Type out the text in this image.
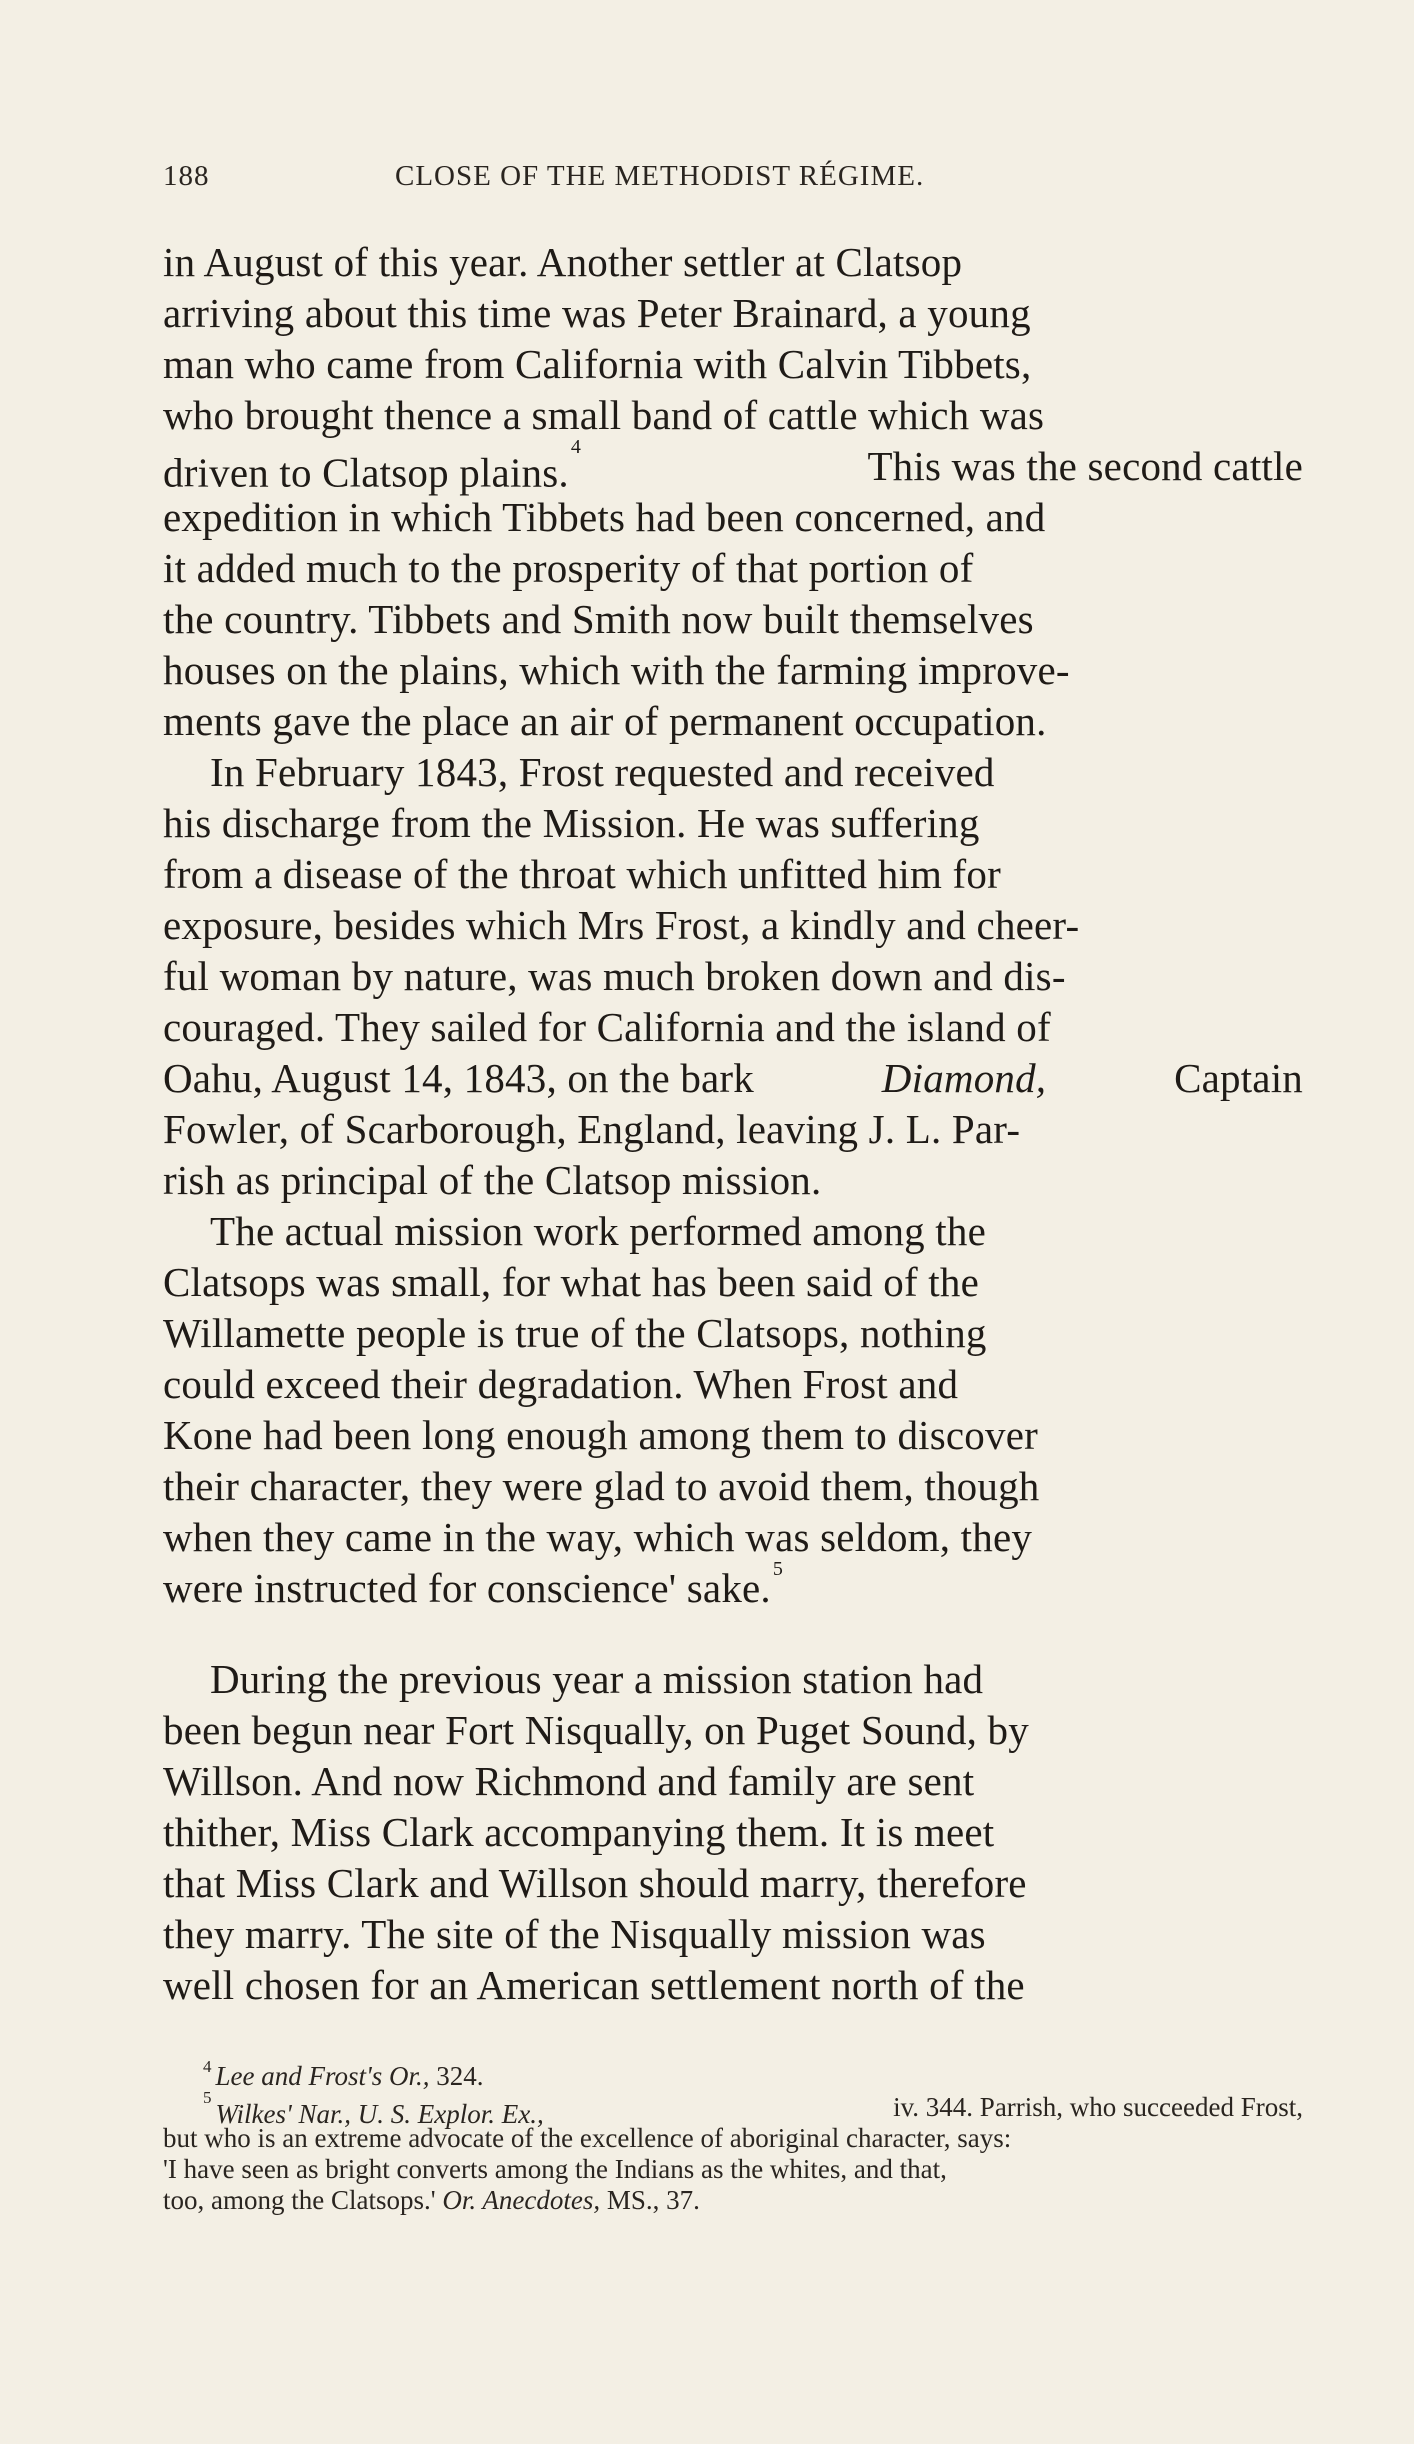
188	CLOSE OF THE METHODIST RÉGIME.
in August of this year. Another settler at Clatsop
arriving about this time was Peter Brainard, a young
man who came from California with Calvin Tibbets,
who brought thence a small band of cattle which was
driven to Clatsop plains.$^4$	This was the second cattle
expedition in which Tibbets had been concerned, and
it added much to the prosperity of that portion of
the country. Tibbets and Smith now built themselves
houses on the plains, which with the farming improve-
ments gave the place an air of permanent occupation.
In February 1843, Frost requested and received
his discharge from the Mission. He was suffering
from a disease of the throat which unfitted him for
exposure, besides which Mrs Frost, a kindly and cheer-
ful woman by nature, was much broken down and dis-
couraged. They sailed for California and the island of
Oahu, August 14, 1843, on the bark	Diamond,	Captain
Fowler, of Scarborough, England, leaving J. L. Par-
rish as principal of the Clatsop mission.
The actual mission work performed among the
Clatsops was small, for what has been said of the
Willamette people is true of the Clatsops, nothing
could exceed their degradation. When Frost and
Kone had been long enough among them to discover
their character, they were glad to avoid them, though
when they came in the way, which was seldom, they
were instructed for conscience' sake.$^5$
During the previous year a mission station had
been begun near Fort Nisqually, on Puget Sound, by
Willson. And now Richmond and family are sent
thither, Miss Clark accompanying them. It is meet
that Miss Clark and Willson should marry, therefore
they marry. The site of the Nisqually mission was
well chosen for an American settlement north of the
$^4$ Lee and Frost's Or.,
324.
$^5$Wilkes' Nar., U. S. Explor. Ex.,	iv. 344. Parrish, who succeeded Frost,
but who is an extreme advocate of the excellence of aboriginal character, says:
'I have seen as bright converts among the Indians as the whites, and that,
too, among the Clatsops.'
Or. Anecdotes,
MS., 37.
